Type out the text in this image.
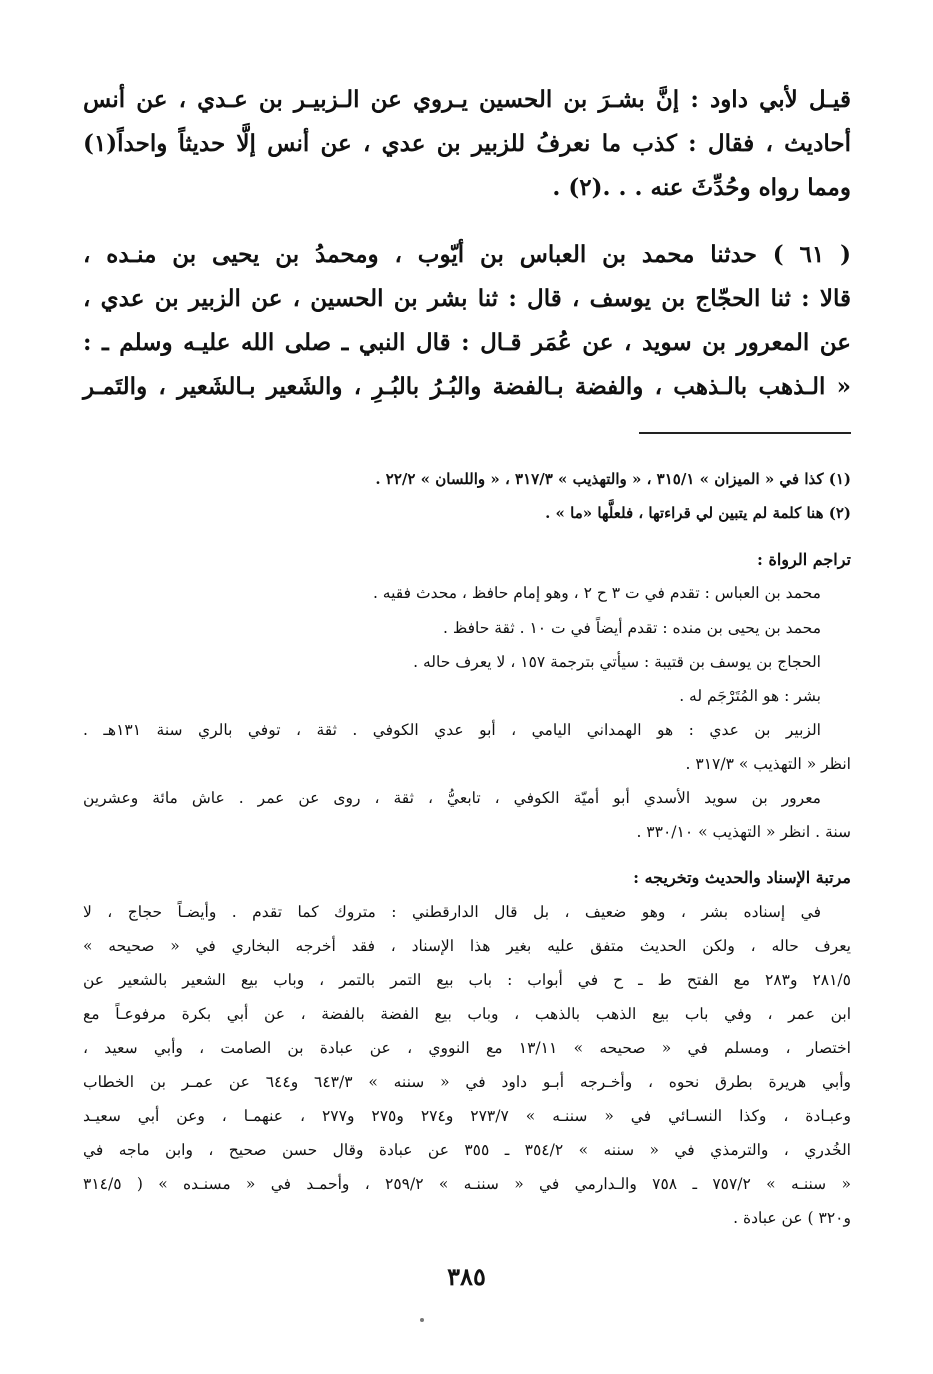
قيـل لأبي داود : إنَّ بشـرَ بن الحسين يـروي عن الـزبيـر بن عـدي ، عن أنس
أحاديث ، فقال : كذب ما نعرفُ للزبير بن عدي ، عن أنس إلَّا حديثاً واحداً(١)
ومما رواه وحُدِّثَ عنه . . .(٢) .
( ٦١ ) حدثنا محمد بن العباس بن أيّوب ، ومحمدُ بن يحيى بن منـده ،
قالا : ثنا الحجّاج بن يوسف ، قال : ثنا بشر بن الحسين ، عن الزبير بن عدي ،
عن المعرور بن سويد ، عن عُمَر قـال : قال النبي ـ صلى الله عليـه وسلم ـ :
« الـذهب بالـذهب ، والفضة بـالفضة والبُـرُ بالبُـرِ ، والشَعير بـالشَعير ، والتَمـر
(١) كذا في « الميزان » ٣١٥/١ ، « والتهذيب » ٣١٧/٣ ، « واللسان » ٢٢/٢ .
(٢) هنا كلمة لم يتبين لي قراءتها ، فلعلَّها «ما » .
تراجم الرواة :
محمد بن العباس : تقدم في ت ٣ ح ٢ ، وهو إمام حافظ ، محدث فقيه .
محمد بن يحيى بن منده : تقدم أيضاً في ت ١٠ . ثقة حافظ .
الحجاج بن يوسف بن قتيبة : سيأتي بترجمة ١٥٧ ، لا يعرف حاله .
بشر : هو المُتَرْجَم له .
الزبير بن عدي : هو الهمداني اليامي ، أبو عدي الكوفي . ثقة ، توفي بالري سنة ١٣١هـ .
انظر « التهذيب » ٣١٧/٣ .
معرور بن سويد الأسدي أبو أميّة الكوفي ، تابعيُّ ، ثقة ، روى عن عمر . عاش مائة وعشرين
سنة . انظر « التهذيب » ٣٣٠/١٠ .
مرتبة الإسناد والحديث وتخريجه :
في إسناده بشر ، وهو ضعيف ، بل قال الدارقطني : متروك كما تقدم . وأيضـاً حجاج ، لا
يعرف حاله ، ولكن الحديث متفق عليه بغير هذا الإسناد ، فقد أخرجه البخاري في « صحيحه »
٢٨١/٥ و٢٨٣ مع الفتح ط ـ ح في أبواب : باب بيع التمر بالتمر ، وباب بيع الشعير بالشعير عن
ابن عمر ، وفي باب بيع الذهب بالذهب ، وباب بيع الفضة بالفضة ، عن أبي بكرة مرفوعـاً مع
اختصار ، ومسلم في « صحيحه » ١٣/١١ مع النووي ، عن عبادة بن الصامت ، وأبي سعيد ،
وأبي هريرة بطرق نحوه ، وأخـرجه أبـو داود في « سننه » ٦٤٣/٣ و٦٤٤ عن عمـر بن الخطاب
وعبـادة ، وكذا النسـائي في « سننـه » ٢٧٣/٧ و٢٧٤ و٢٧٥ و٢٧٧ ، عنهمـا ، وعن أبي سعيـد
الخُدري ، والترمذي في « سننه » ٣٥٤/٢ ـ ٣٥٥ عن عبادة وقال حسن صحيح ، وابن ماجه في
« سننـه » ٧٥٧/٢ ـ ٧٥٨ والـدارمي في « سننـه » ٢٥٩/٢ ، وأحمـد في « مسنـده » ( ٣١٤/٥
و٣٢٠ ) عن عبادة .
٣٨٥
